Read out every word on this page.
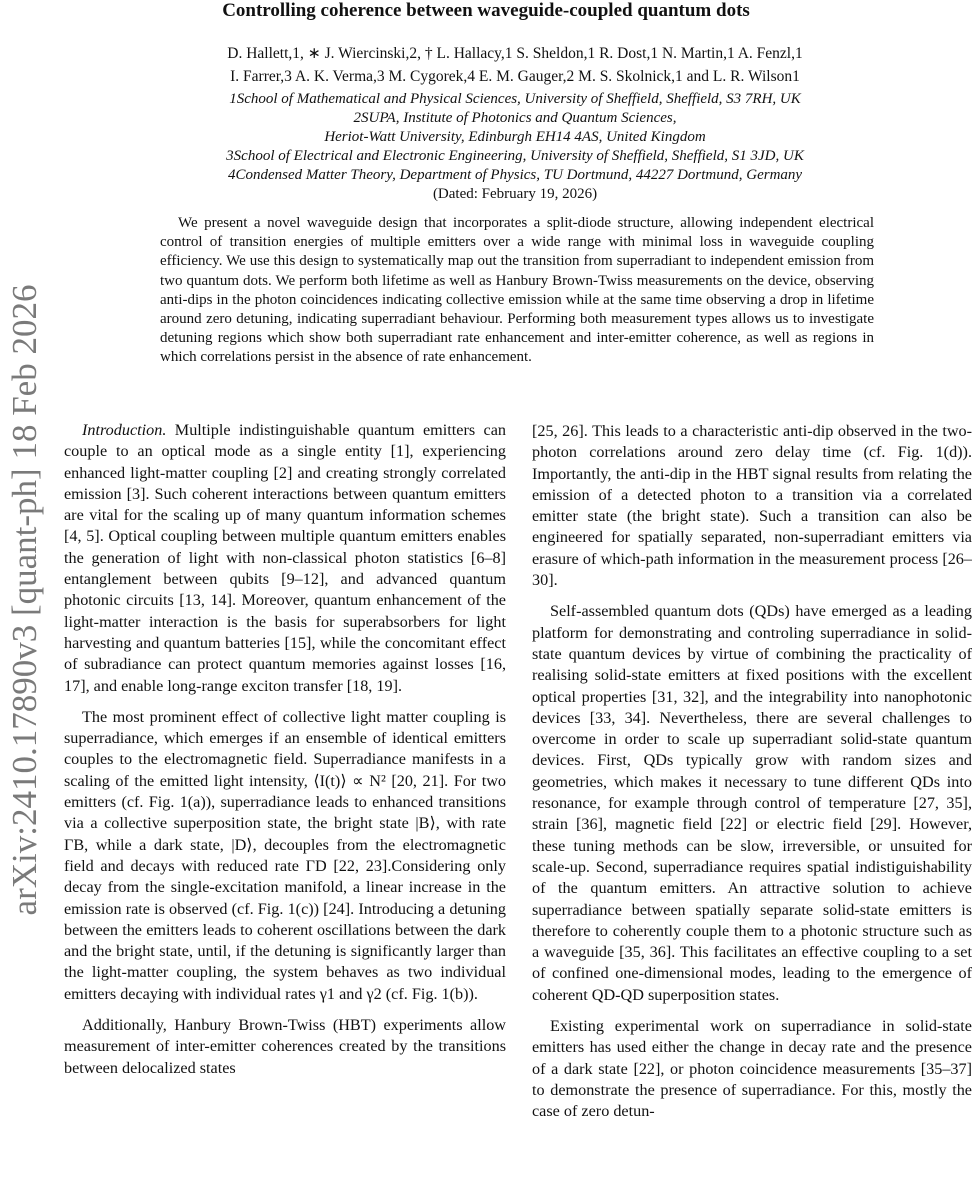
arXiv:2410.17890v3 [quant-ph] 18 Feb 2026
Controlling coherence between waveguide-coupled quantum dots
D. Hallett,1, ∗ J. Wiercinski,2, † L. Hallacy,1 S. Sheldon,1 R. Dost,1 N. Martin,1 A. Fenzl,1
I. Farrer,3 A. K. Verma,3 M. Cygorek,4 E. M. Gauger,2 M. S. Skolnick,1 and L. R. Wilson1
1School of Mathematical and Physical Sciences, University of Sheffield, Sheffield, S3 7RH, UK
2SUPA, Institute of Photonics and Quantum Sciences,
Heriot-Watt University, Edinburgh EH14 4AS, United Kingdom
3School of Electrical and Electronic Engineering, University of Sheffield, Sheffield, S1 3JD, UK
4Condensed Matter Theory, Department of Physics, TU Dortmund, 44227 Dortmund, Germany
(Dated: February 19, 2026)
We present a novel waveguide design that incorporates a split-diode structure, allowing independent electrical control of transition energies of multiple emitters over a wide range with minimal loss in waveguide coupling efficiency. We use this design to systematically map out the transition from superradiant to independent emission from two quantum dots. We perform both lifetime as well as Hanbury Brown-Twiss measurements on the device, observing anti-dips in the photon coincidences indicating collective emission while at the same time observing a drop in lifetime around zero detuning, indicating superradiant behaviour. Performing both measurement types allows us to investigate detuning regions which show both superradiant rate enhancement and inter-emitter coherence, as well as regions in which correlations persist in the absence of rate enhancement.

Introduction. Multiple indistinguishable quantum emitters can couple to an optical mode as a single entity [1], experiencing enhanced light-matter coupling [2] and creating strongly correlated emission [3]. Such coherent interactions between quantum emitters are vital for the scaling up of many quantum information schemes [4, 5]. Optical coupling between multiple quantum emitters enables the generation of light with non-classical photon statistics [6–8] entanglement between qubits [9–12], and advanced quantum photonic circuits [13, 14]. Moreover, quantum enhancement of the light-matter interaction is the basis for superabsorbers for light harvesting and quantum batteries [15], while the concomitant effect of subradiance can protect quantum memories against losses [16, 17], and enable long-range exciton transfer [18, 19].

The most prominent effect of collective light matter coupling is superradiance, which emerges if an ensemble of identical emitters couples to the electromagnetic field. Superradiance manifests in a scaling of the emitted light intensity, ⟨I(t)⟩ ∝ N² [20, 21]. For two emitters (cf. Fig. 1(a)), superradiance leads to enhanced transitions via a collective superposition state, the bright state |B⟩, with rate ΓB, while a dark state, |D⟩, decouples from the electromagnetic field and decays with reduced rate ΓD [22, 23].Considering only decay from the single-excitation manifold, a linear increase in the emission rate is observed (cf. Fig. 1(c)) [24]. Introducing a detuning between the emitters leads to coherent oscillations between the dark and the bright state, until, if the detuning is significantly larger than the light-matter coupling, the system behaves as two individual emitters decaying with individual rates γ1 and γ2 (cf. Fig. 1(b)).

Additionally, Hanbury Brown-Twiss (HBT) experiments allow measurement of inter-emitter coherences created by the transitions between delocalized states

[25, 26]. This leads to a characteristic anti-dip observed in the two-photon correlations around zero delay time (cf. Fig. 1(d)). Importantly, the anti-dip in the HBT signal results from relating the emission of a detected photon to a transition via a correlated emitter state (the bright state). Such a transition can also be engineered for spatially separated, non-superradiant emitters via erasure of which-path information in the measurement process [26–30].

Self-assembled quantum dots (QDs) have emerged as a leading platform for demonstrating and controling superradiance in solid-state quantum devices by virtue of combining the practicality of realising solid-state emitters at fixed positions with the excellent optical properties [31, 32], and the integrability into nanophotonic devices [33, 34]. Nevertheless, there are several challenges to overcome in order to scale up superradiant solid-state quantum devices. First, QDs typically grow with random sizes and geometries, which makes it necessary to tune different QDs into resonance, for example through control of temperature [27, 35], strain [36], magnetic field [22] or electric field [29]. However, these tuning methods can be slow, irreversible, or unsuited for scale-up. Second, superradiance requires spatial indistiguishability of the quantum emitters. An attractive solution to achieve superradiance between spatially separate solid-state emitters is therefore to coherently couple them to a photonic structure such as a waveguide [35, 36]. This facilitates an effective coupling to a set of confined one-dimensional modes, leading to the emergence of coherent QD-QD superposition states.

Existing experimental work on superradiance in solid-state emitters has used either the change in decay rate and the presence of a dark state [22], or photon coincidence measurements [35–37] to demonstrate the presence of superradiance. For this, mostly the case of zero detun-
